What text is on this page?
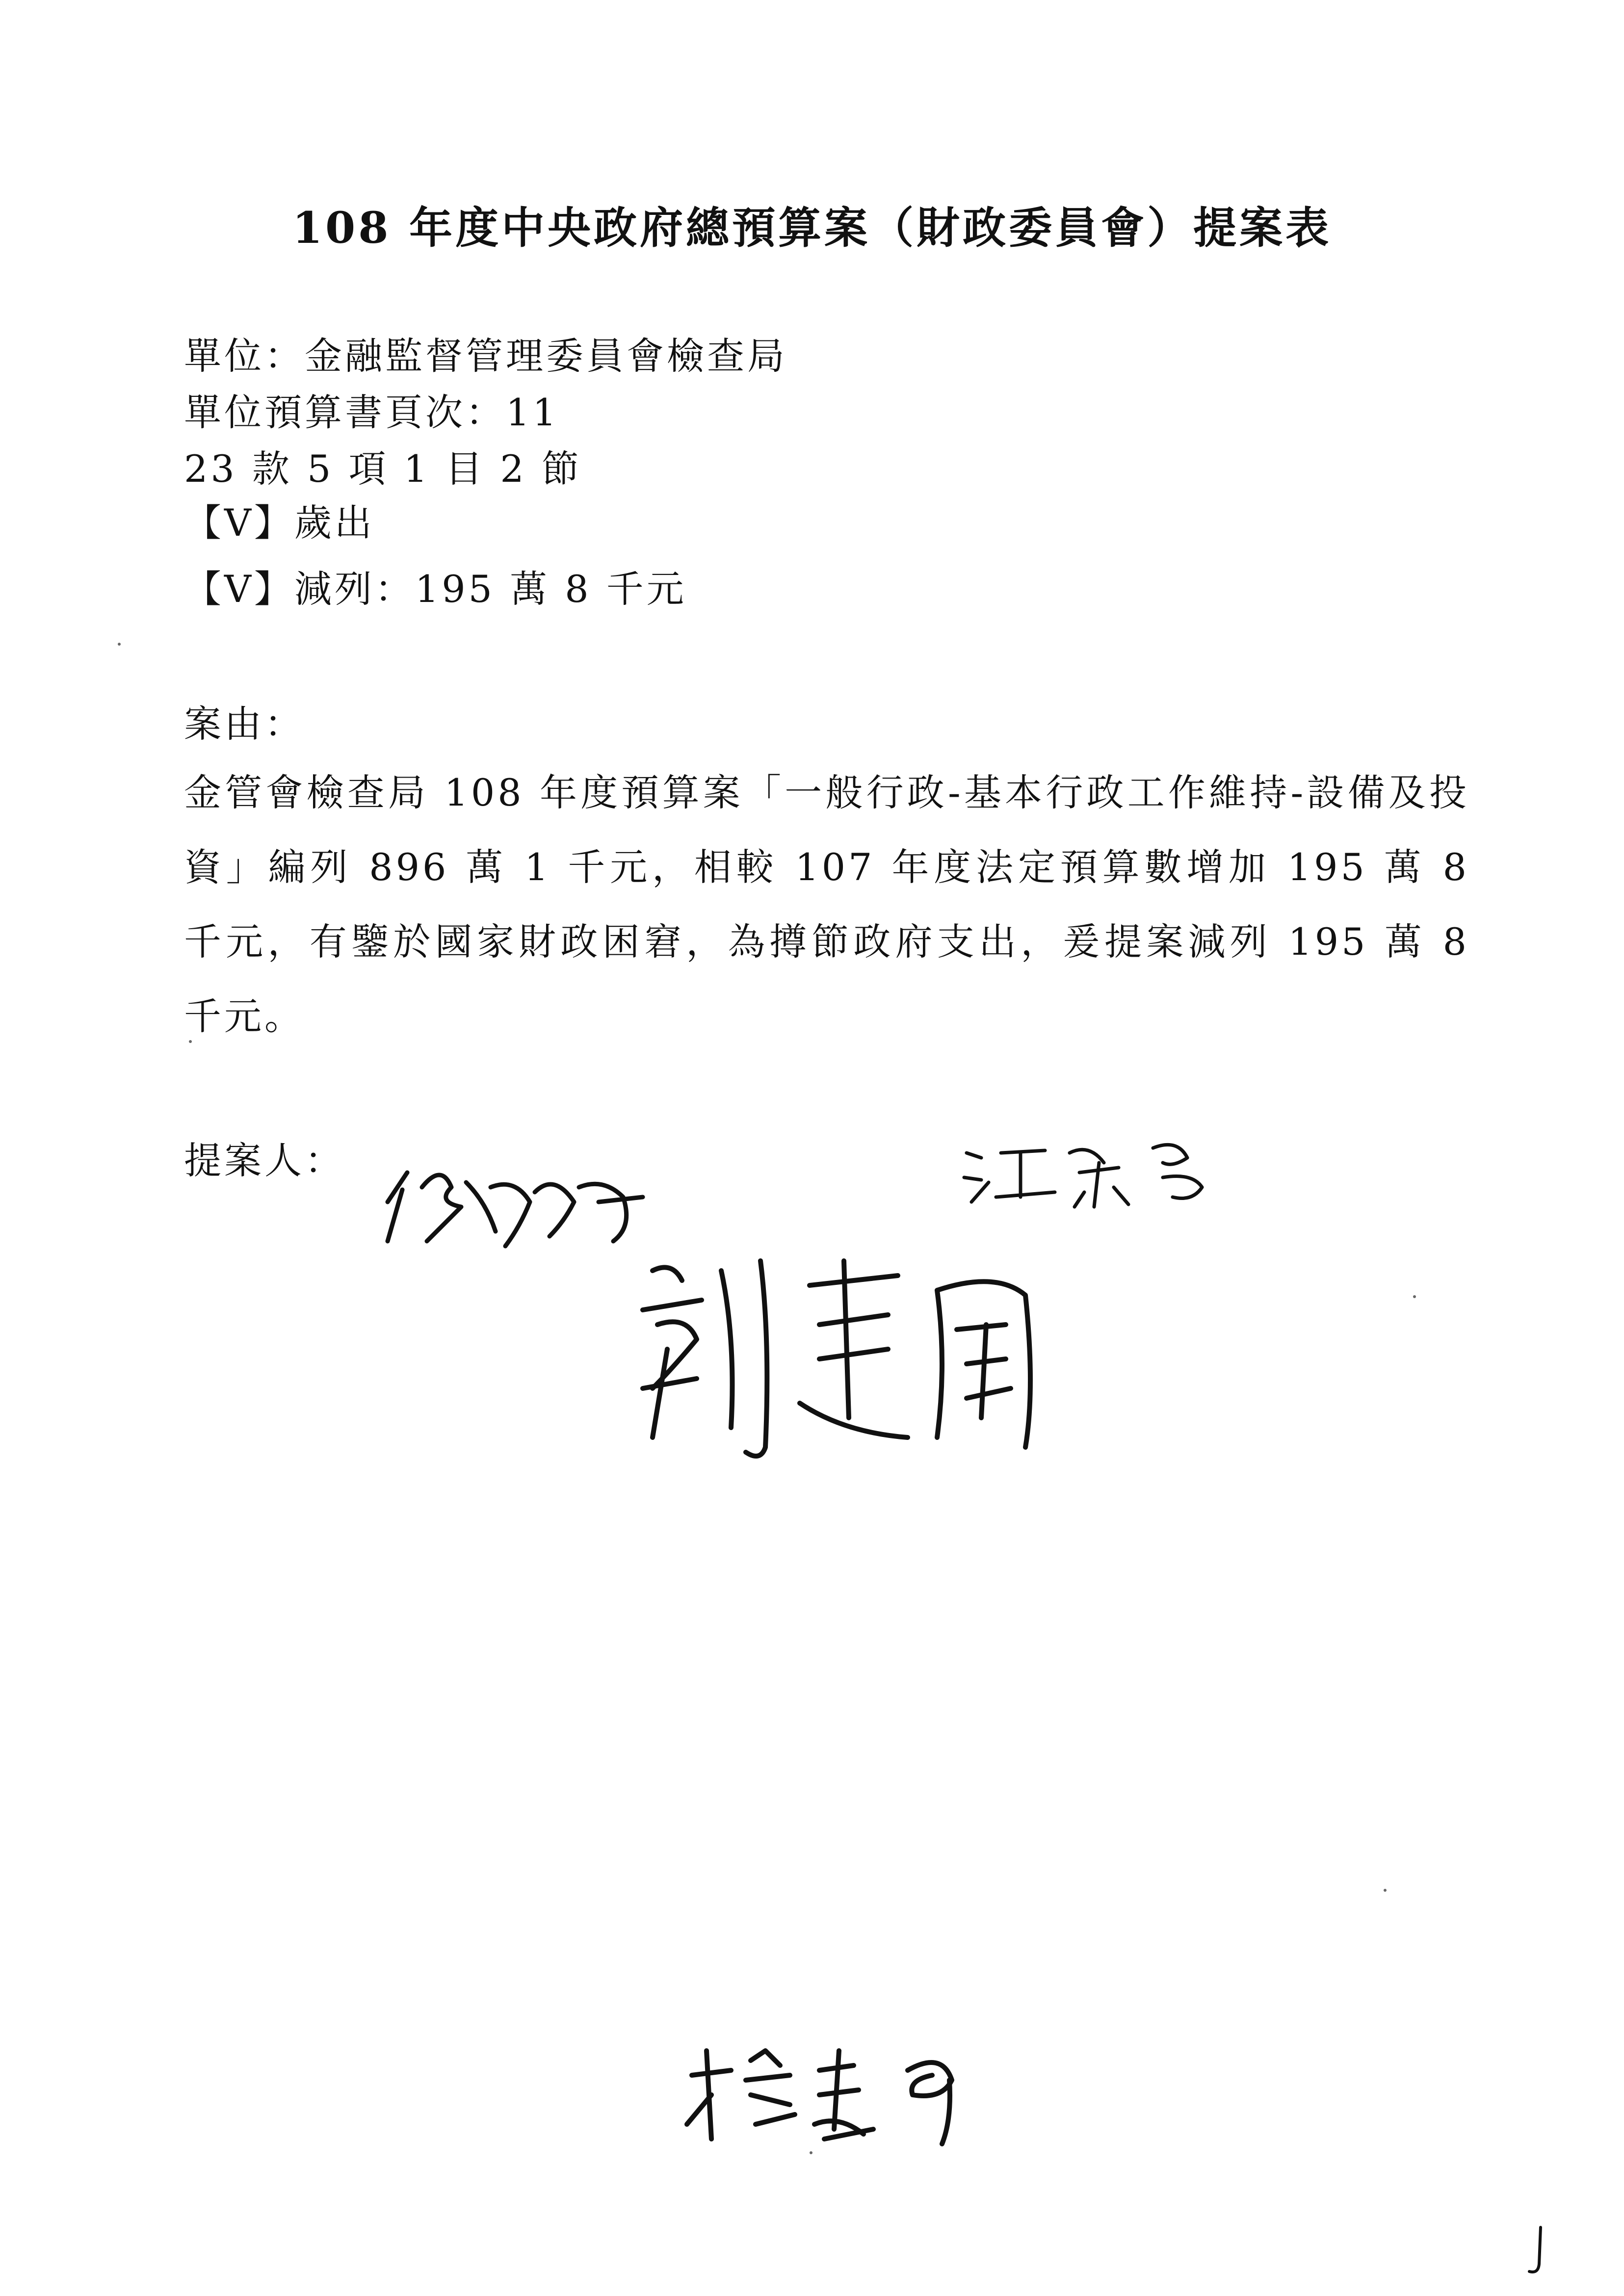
108 年度中央政府總預算案（財政委員會）提案表
單位：金融監督管理委員會檢查局
單位預算書頁次：11
23 款 5 項 1 目 2 節
【V】歲出
【V】減列：195 萬 8 千元
案由：
金管會檢查局 108 年度預算案「一般行政-基本行政工作維持-設備及投資」編列 896 萬 1 千元，相較 107 年度法定預算數增加 195 萬 8 千元，有鑒於國家財政困窘，為撙節政府支出，爰提案減列 195 萬 8 千元。
提案人：
